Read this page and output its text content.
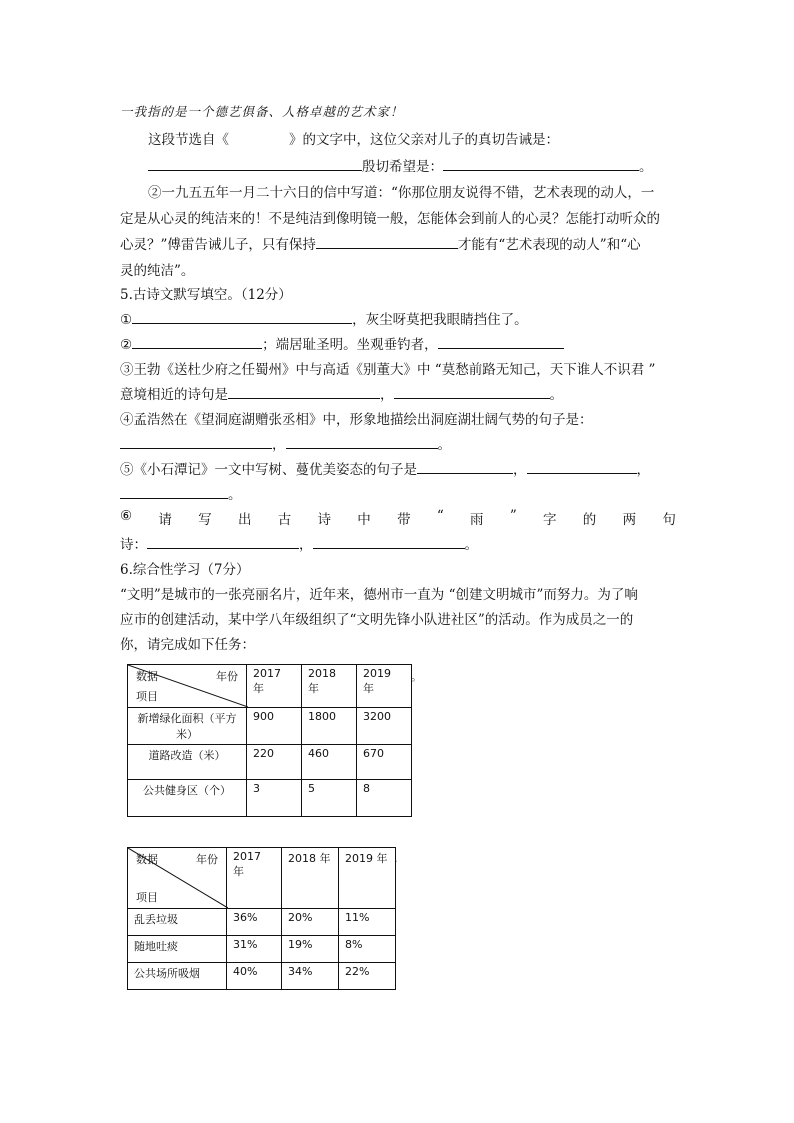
一我指的是一个德艺俱备、人格卓越的艺术家！
这段节选自《	》的文字中，这位父亲对儿子的真切告诫是：
殷切希望是：	。
②一九五五年一月二十六日的信中写道：“你那位朋友说得不错，艺术表现的动人，一
定是从心灵的纯洁来的！不是纯洁到像明镜一般，怎能体会到前人的心灵？怎能打动听众的
心灵？”傅雷告诫儿子，只有保持	才能有“艺术表现的动人”和“心
灵的纯洁”。
5.古诗文默写填空。（12分）
①	，灰尘呀莫把我眼睛挡住了。
②	；端居耻圣明。坐观垂钓者，
③王勃《送杜少府之任蜀州》中与高适《别董大》中 “莫愁前路无知己，天下谁人不识君 ”
意境相近的诗句是	，	。
④孟浩然在《望洞庭湖赠张丞相》中，形象地描绘出洞庭湖壮阔气势的句子是：
，	。
⑤《小石潭记》一文中写树、蔓优美姿态的句子是	，	，
。
⑥ 请 写 出 古 诗 中 带 “ 雨 ” 字 的 两 句
诗：	，	。
6.综合性学习（7分）
“文明”是城市的一张亮丽名片，近年来，德州市一直为 “创建文明城市”而努力。为了响
应市的创建活动，某中学八年级组织了“文明先锋小队进社区”的活动。作为成员之一的
你，请完成如下任务：
数据 年份
项目	2017 年	2018 年	2019 年
新增绿化面积（平方米）	900	1800	3200
道路改造（米）	220	460	670
公共健身区（个）	3	5	8
。
数据 年份
项目	2017 年	2018 年	2019 年
乱丢垃圾	36%	20%	11%
随地吐痰	31%	19%	8%
公共场所吸烟	40%	34%	22%
.
